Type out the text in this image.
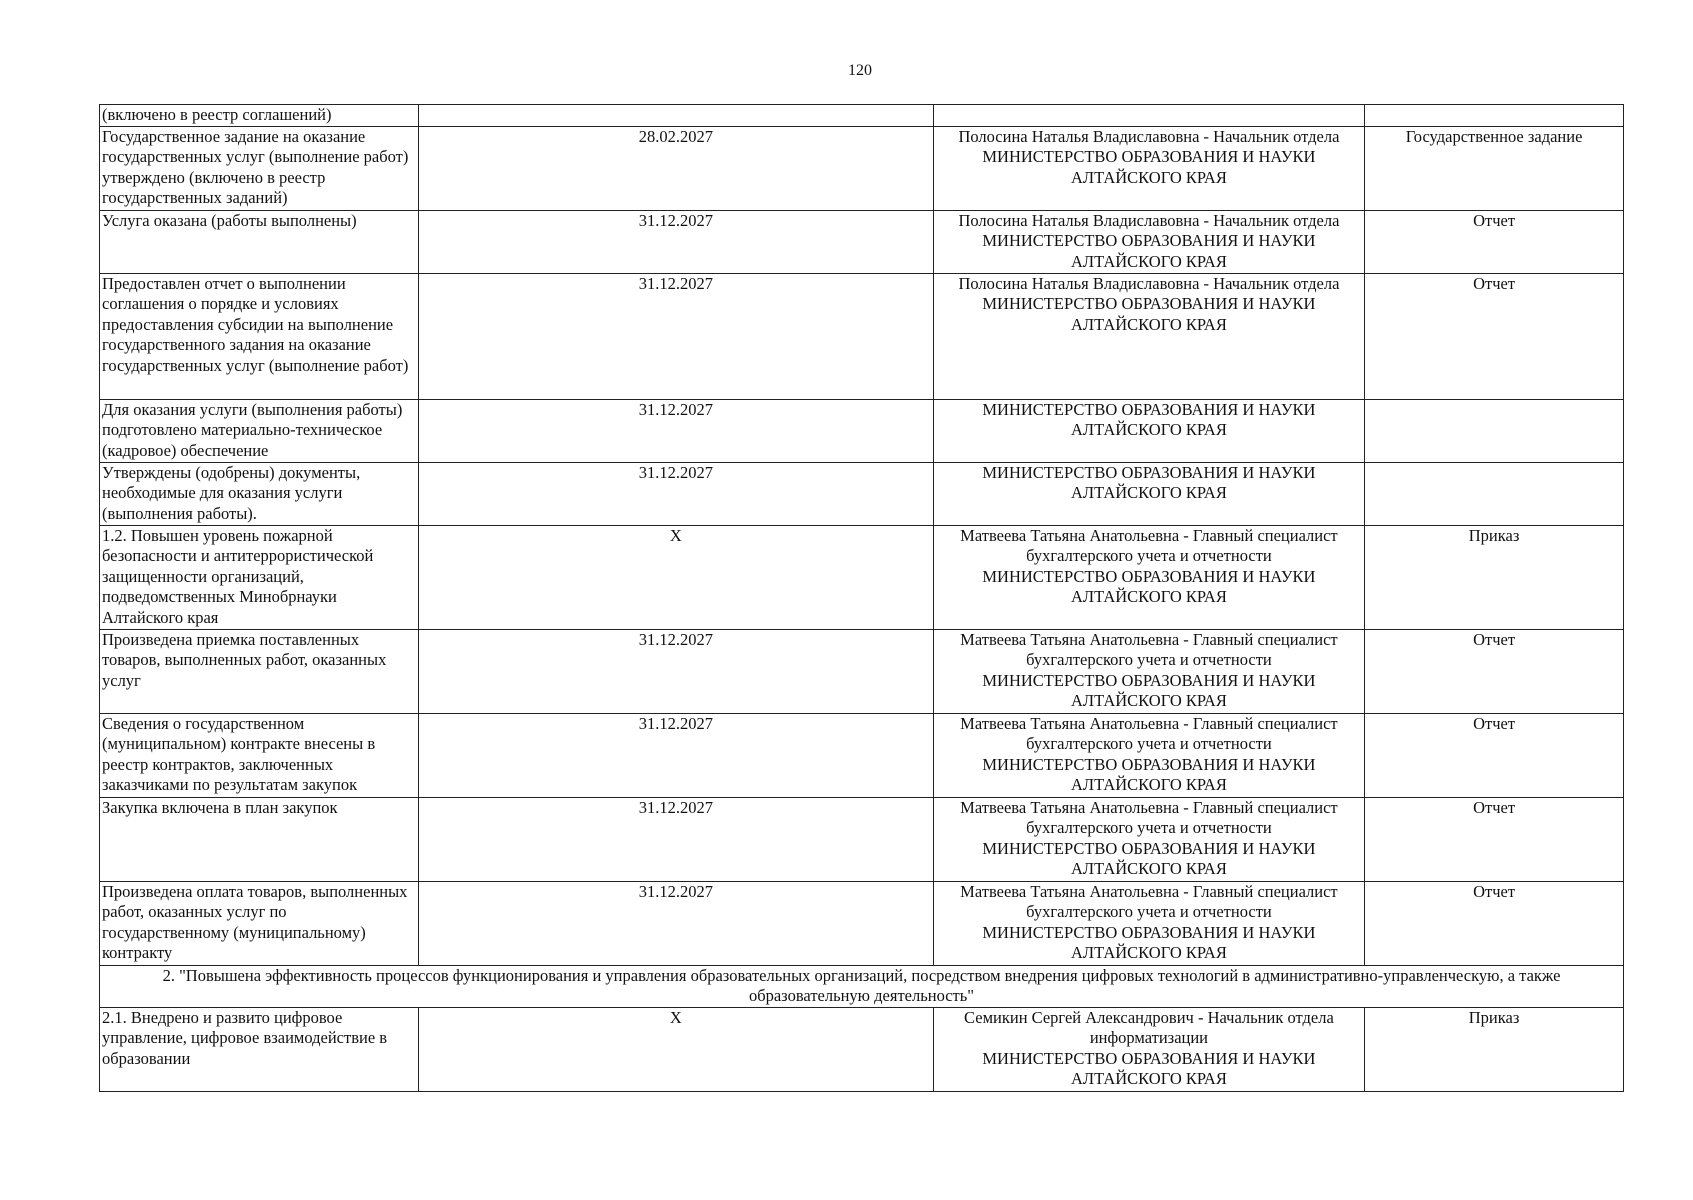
120
(включено в реестр соглашений)			
Государственное задание на оказание государственных услуг (выполнение работ) утверждено (включено в реестр государственных заданий)	28.02.2027	Полосина Наталья Владиславовна - Начальник отдела
МИНИСТЕРСТВО ОБРАЗОВАНИЯ И НАУКИ
АЛТАЙСКОГО КРАЯ	Государственное задание
Услуга оказана (работы выполнены)	31.12.2027	Полосина Наталья Владиславовна - Начальник отдела
МИНИСТЕРСТВО ОБРАЗОВАНИЯ И НАУКИ
АЛТАЙСКОГО КРАЯ	Отчет
Предоставлен отчет о выполнении соглашения о порядке и условиях предоставления субсидии на выполнение государственного задания на оказание государственных услуг (выполнение работ)	31.12.2027	Полосина Наталья Владиславовна - Начальник отдела
МИНИСТЕРСТВО ОБРАЗОВАНИЯ И НАУКИ
АЛТАЙСКОГО КРАЯ	Отчет
Для оказания услуги (выполнения работы) подготовлено материально-техническое (кадровое) обеспечение	31.12.2027	МИНИСТЕРСТВО ОБРАЗОВАНИЯ И НАУКИ
АЛТАЙСКОГО КРАЯ	

Утверждены (одобрены) документы, необходимые для оказания услуги (выполнения работы).	31.12.2027	МИНИСТЕРСТВО ОБРАЗОВАНИЯ И НАУКИ
АЛТАЙСКОГО КРАЯ	

1.2. Повышен уровень пожарной безопасности и антитеррористической защищенности организаций, подведомственных Минобрнауки Алтайского края	X	Матвеева Татьяна Анатольевна - Главный специалист
бухгалтерского учета и отчетности
МИНИСТЕРСТВО ОБРАЗОВАНИЯ И НАУКИ
АЛТАЙСКОГО КРАЯ	Приказ
Произведена приемка поставленных товаров, выполненных работ, оказанных услуг	31.12.2027	Матвеева Татьяна Анатольевна - Главный специалист
бухгалтерского учета и отчетности
МИНИСТЕРСТВО ОБРАЗОВАНИЯ И НАУКИ
АЛТАЙСКОГО КРАЯ	Отчет
Сведения о государственном (муниципальном) контракте внесены в реестр контрактов, заключенных заказчиками по результатам закупок	31.12.2027	Матвеева Татьяна Анатольевна - Главный специалист
бухгалтерского учета и отчетности
МИНИСТЕРСТВО ОБРАЗОВАНИЯ И НАУКИ
АЛТАЙСКОГО КРАЯ	Отчет
Закупка включена в план закупок	31.12.2027	Матвеева Татьяна Анатольевна - Главный специалист
бухгалтерского учета и отчетности
МИНИСТЕРСТВО ОБРАЗОВАНИЯ И НАУКИ
АЛТАЙСКОГО КРАЯ	Отчет
Произведена оплата товаров, выполненных работ, оказанных услуг по государственному (муниципальному) контракту	31.12.2027	Матвеева Татьяна Анатольевна - Главный специалист
бухгалтерского учета и отчетности
МИНИСТЕРСТВО ОБРАЗОВАНИЯ И НАУКИ
АЛТАЙСКОГО КРАЯ	Отчет
2. "Повышена эффективность процессов функционирования и управления образовательных организаций, посредством внедрения цифровых технологий в административно-управленческую, а также образовательную деятельность"			
2.1. Внедрено и развито цифровое управление, цифровое взаимодействие в образовании	X	Семикин Сергей Александрович - Начальник отдела
информатизации
МИНИСТЕРСТВО ОБРАЗОВАНИЯ И НАУКИ
АЛТАЙСКОГО КРАЯ	Приказ
